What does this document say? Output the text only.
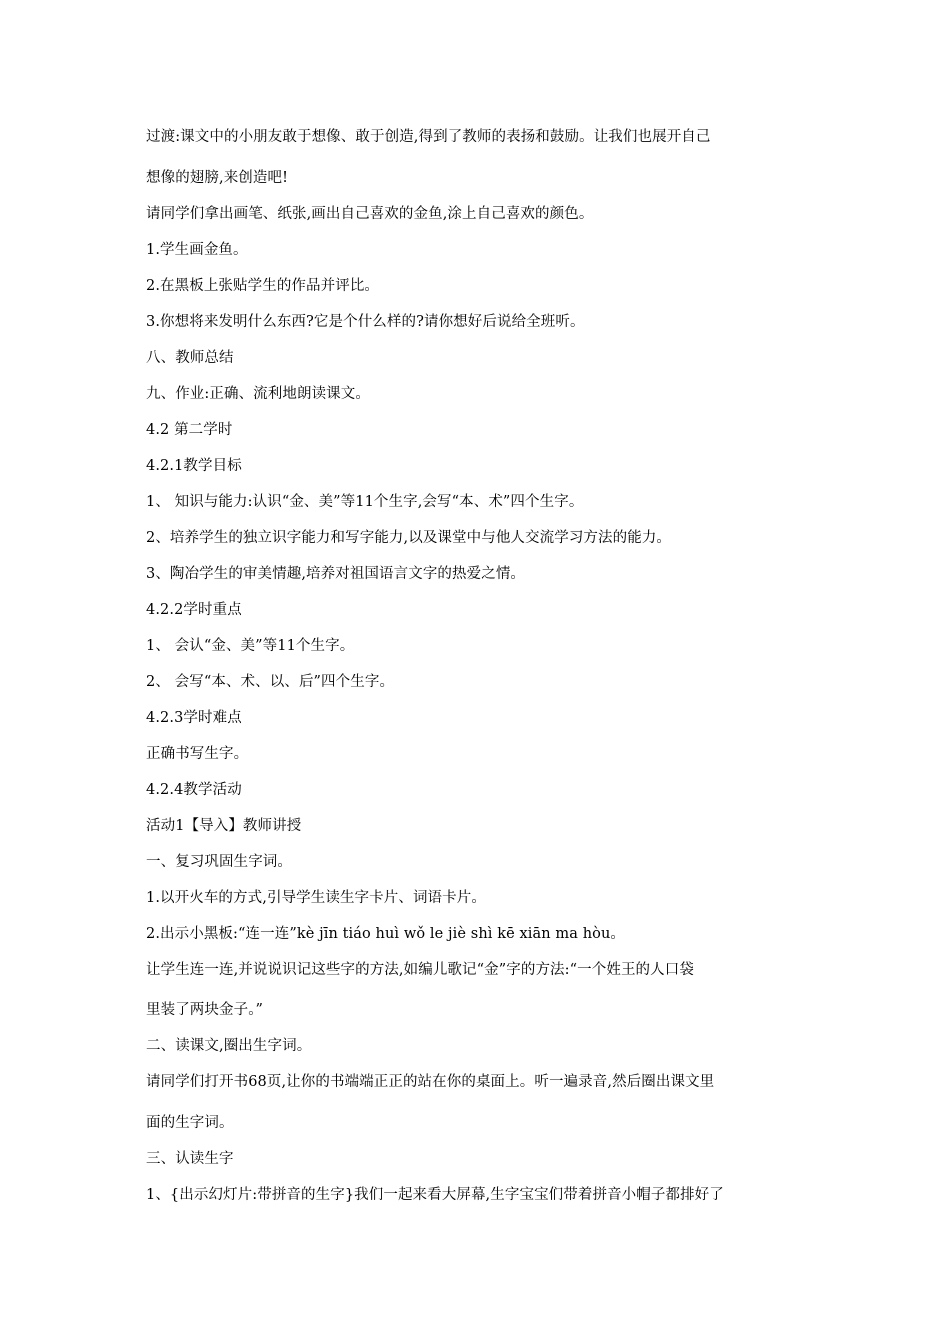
过渡:课文中的小朋友敢于想像、敢于创造,得到了教师的表扬和鼓励。让我们也展开自己
想像的翅膀,来创造吧!
请同学们拿出画笔、纸张,画出自己喜欢的金鱼,涂上自己喜欢的颜色。
1.学生画金鱼。
2.在黑板上张贴学生的作品并评比。
3.你想将来发明什么东西?它是个什么样的?请你想好后说给全班听。
八、教师总结
九、作业:正确、流利地朗读课文。
4.2 第二学时
4.2.1教学目标
1、 知识与能力:认识“金、美”等11个生字,会写“本、术”四个生字。
2、培养学生的独立识字能力和写字能力,以及课堂中与他人交流学习方法的能力。
3、陶冶学生的审美情趣,培养对祖国语言文字的热爱之情。
4.2.2学时重点
1、 会认“金、美”等11个生字。
2、 会写“本、术、以、后”四个生字。
4.2.3学时难点
正确书写生字。
4.2.4教学活动
活动1【导入】教师讲授
一、复习巩固生字词。
1.以开火车的方式,引导学生读生字卡片、词语卡片。
2.出示小黑板:“连一连”kè jīn tiáo huì wǒ le jiè shì kē xiān ma hòu。
让学生连一连,并说说识记这些字的方法,如编儿歌记“金”字的方法:“一个姓王的人口袋
里装了两块金子。”
二、读课文,圈出生字词。
请同学们打开书68页,让你的书端端正正的站在你的桌面上。听一遍录音,然后圈出课文里
面的生字词。
三、认读生字
1、{出示幻灯片:带拼音的生字}我们一起来看大屏幕,生字宝宝们带着拼音小帽子都排好了
